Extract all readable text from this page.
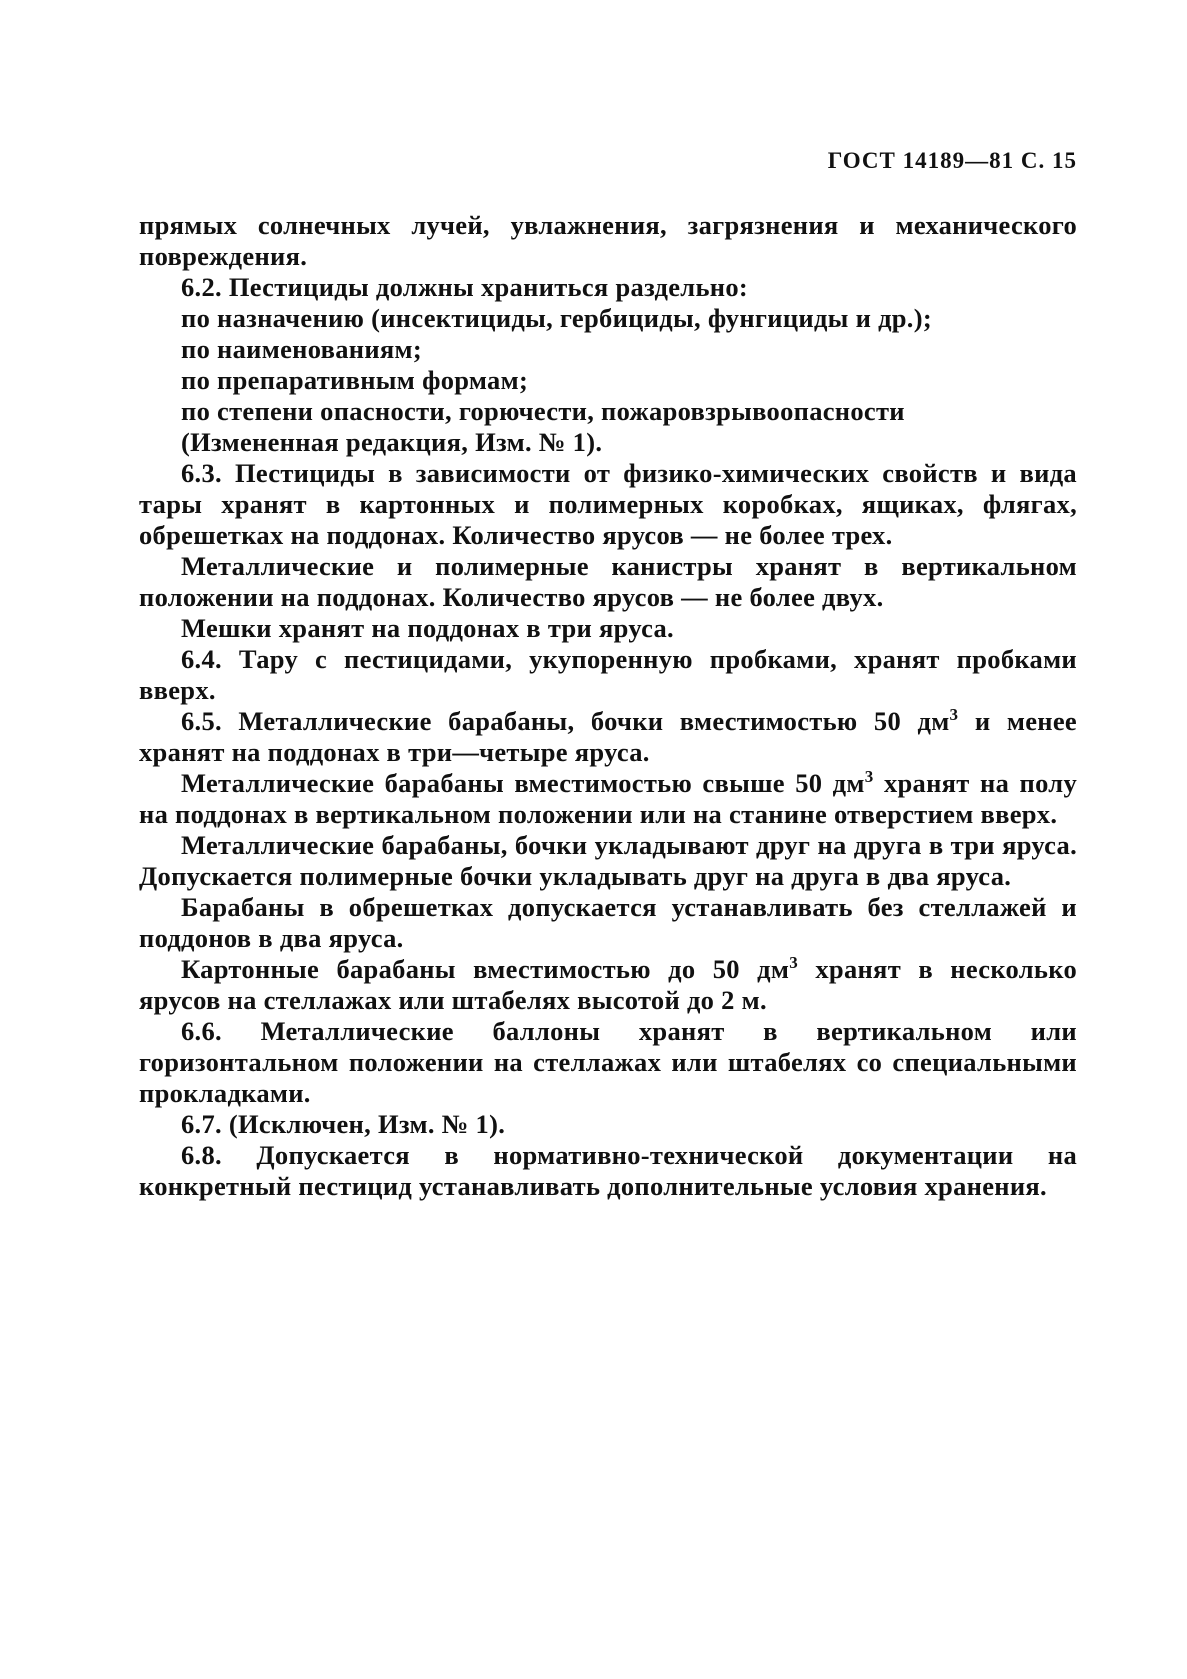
ГОСТ 14189—81 С. 15

прямых солнечных лучей, увлажнения, загрязнения и механического повреждения.

6.2. Пестициды должны храниться раздельно:

по назначению (инсектициды, гербициды, фунгициды и др.);

по наименованиям;

по препаративным формам;

по степени опасности, горючести, пожаровзрывоопасности

(Измененная редакция, Изм. № 1).

6.3. Пестициды в зависимости от физико-химических свойств и вида тары хранят в картонных и полимерных коробках, ящиках, флягах, обрешетках на поддонах. Количество ярусов — не более трех.

Металлические и полимерные канистры хранят в вертикальном положении на поддонах. Количество ярусов — не более двух.

Мешки хранят на поддонах в три яруса.

6.4. Тару с пестицидами, укупоренную пробками, хранят пробками вверх.

6.5. Металлические барабаны, бочки вместимостью 50 $дм^3$ и менее хранят на поддонах в три—четыре яруса.

Металлические барабаны вместимостью свыше 50 $дм^3$ хранят на полу на поддонах в вертикальном положении или на станине отверстием вверх.

Металлические барабаны, бочки укладывают друг на друга в три яруса. Допускается полимерные бочки укладывать друг на друга в два яруса.

Барабаны в обрешетках допускается устанавливать без стеллажей и поддонов в два яруса.

Картонные барабаны вместимостью до 50 $дм^3$ хранят в несколько ярусов на стеллажах или штабелях высотой до 2 м.

6.6. Металлические баллоны хранят в вертикальном или горизонтальном положении на стеллажах или штабелях со специальными прокладками.

6.7. (Исключен, Изм. № 1).

6.8. Допускается в нормативно-технической документации на конкретный пестицид устанавливать дополнительные условия хранения.
